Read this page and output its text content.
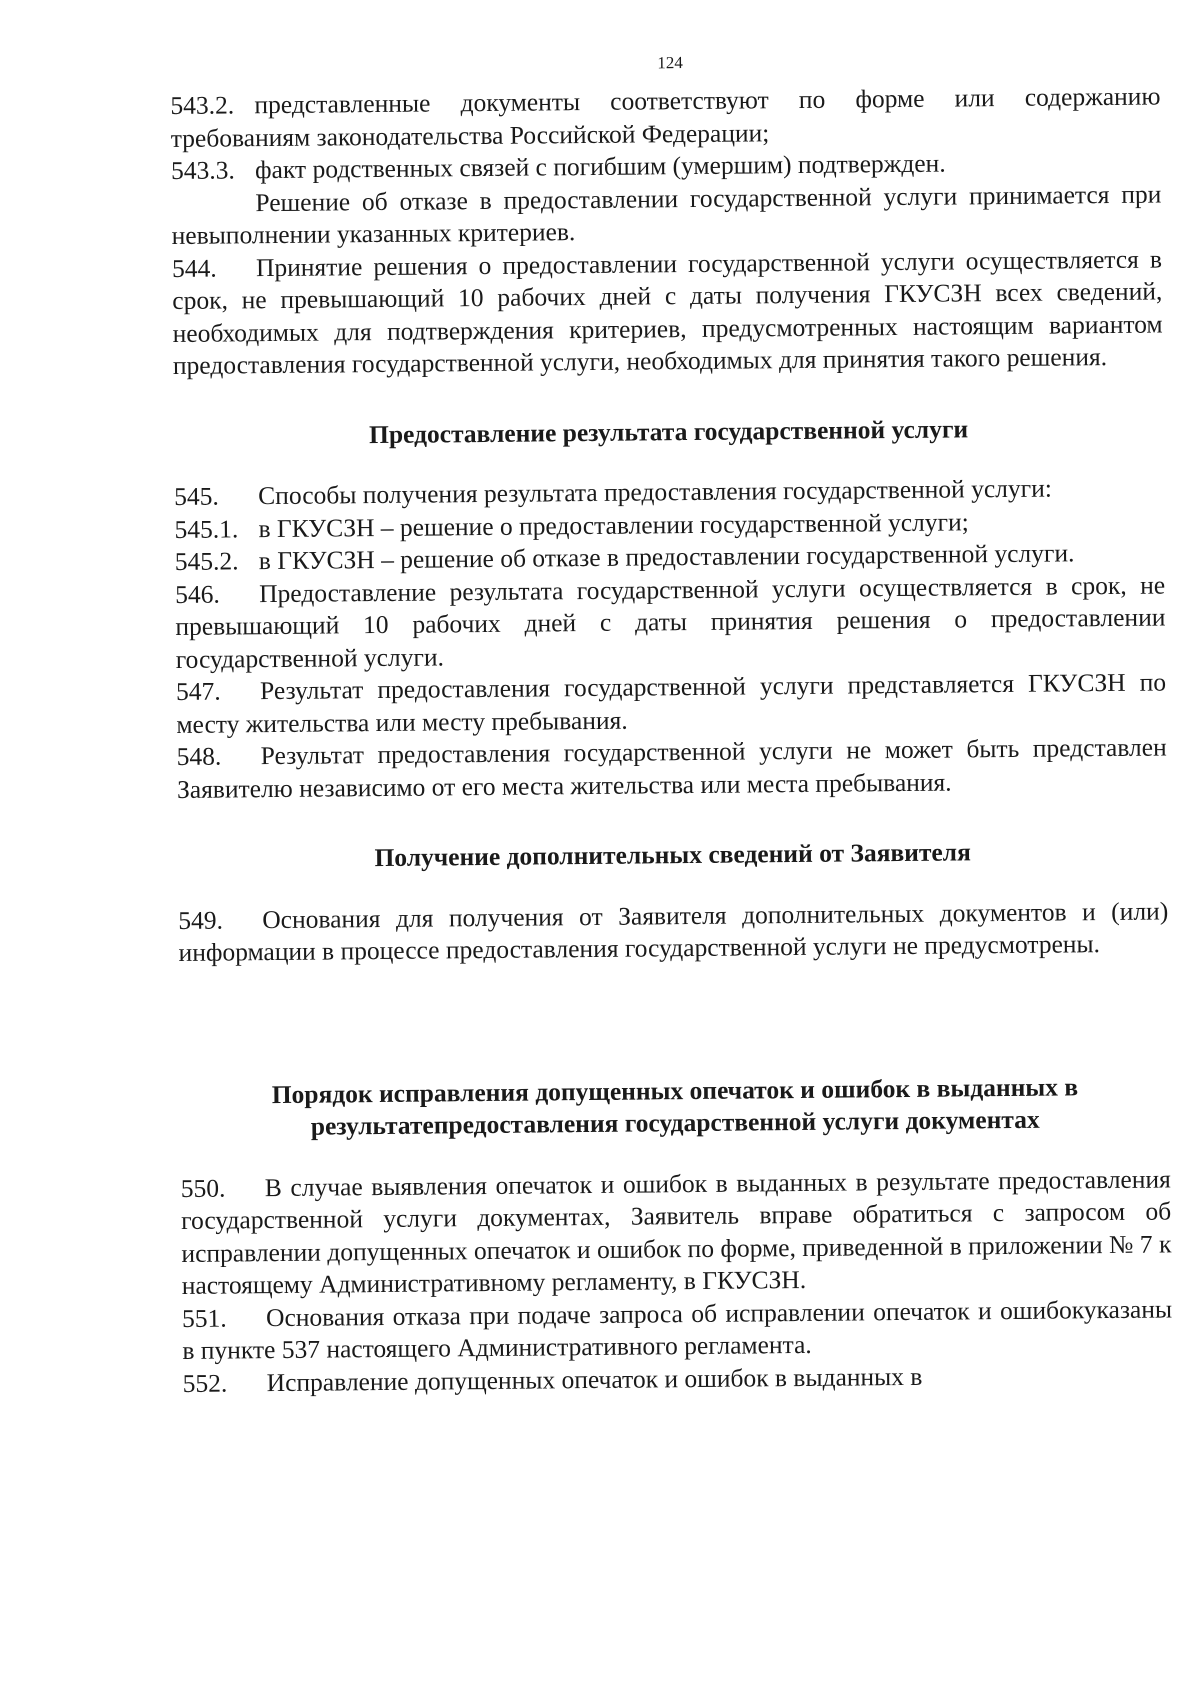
124

543.2. представленные документы соответствуют по форме или содержанию требованиям законодательства Российской Федерации;

543.3. факт родственных связей с погибшим (умершим) подтвержден.

Решение об отказе в предоставлении государственной услуги принимается при невыполнении указанных критериев.

544. Принятие решения о предоставлении государственной услуги осуществляется в срок, не превышающий 10 рабочих дней с даты получения ГКУСЗН всех сведений, необходимых для подтверждения критериев, предусмотренных настоящим вариантом предоставления государственной услуги, необходимых для принятия такого решения.

Предоставление результата государственной услуги

545. Способы получения результата предоставления государственной услуги:

545.1. в ГКУСЗН – решение о предоставлении государственной услуги;

545.2. в ГКУСЗН – решение об отказе в предоставлении государственной услуги.

546. Предоставление результата государственной услуги осуществляется в срок, не превышающий 10 рабочих дней с даты принятия решения о предоставлении государственной услуги.

547. Результат предоставления государственной услуги представляется ГКУСЗН по месту жительства или месту пребывания.

548. Результат предоставления государственной услуги не может быть представлен Заявителю независимо от его места жительства или места пребывания.

Получение дополнительных сведений от Заявителя

549. Основания для получения от Заявителя дополнительных документов и (или) информации в процессе предоставления государственной услуги не предусмотрены.

Порядок исправления допущенных опечаток и ошибок в выданных в результатепредоставления государственной услуги документах

550. В случае выявления опечаток и ошибок в выданных в результате предоставления государственной услуги документах, Заявитель вправе обратиться с запросом об исправлении допущенных опечаток и ошибок по форме, приведенной в приложении № 7 к настоящему Административному регламенту, в ГКУСЗН.

551. Основания отказа при подаче запроса об исправлении опечаток и ошибокуказаны в пункте 537 настоящего Административного регламента.

552. Исправление допущенных опечаток и ошибок в выданных в
